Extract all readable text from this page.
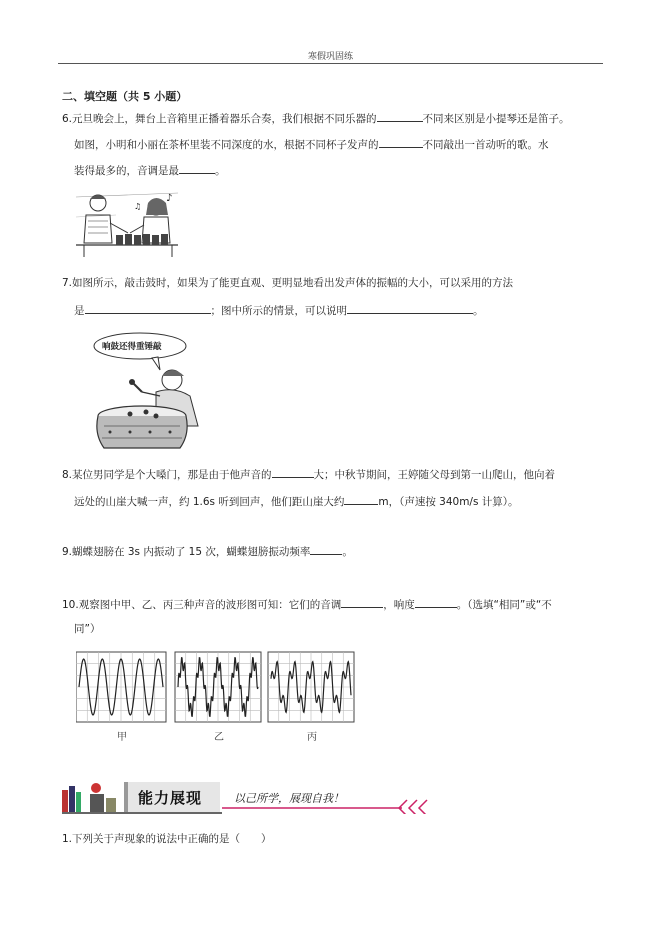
寒假巩固练
二、填空题（共 5 小题）
6.元旦晚会上，舞台上音箱里正播着器乐合奏，我们根据不同乐器的	不同来区别是小提琴还是笛子。
如图，小明和小丽在茶杯里装不同深度的水，根据不同杯子发声的	不同敲出一首动听的歌。水
装得最多的，音调是最	。
♪
♫
7.如图所示，敲击鼓时，如果为了能更直观、更明显地看出发声体的振幅的大小，可以采用的方法
是	；图中所示的情景，可以说明	。
响鼓还得重锤敲
8.某位男同学是个大嗓门，那是由于他声音的	大；中秋节期间，王婷随父母到第一山爬山，他向着
远处的山崖大喊一声，约 1.6s 听到回声，他们距山崖大约	m，（声速按 340m/s 计算）。
9.蝴蝶翅膀在 3s 内振动了 15 次，蝴蝶翅膀振动频率	。
10.观察图中甲、乙、丙三种声音的波形图可知：它们的音调	，响度	。（选填“相同”或“不
同”）
甲	乙	丙
能力展现	以己所学，展现自我！
1.下列关于声现象的说法中正确的是（　　）
